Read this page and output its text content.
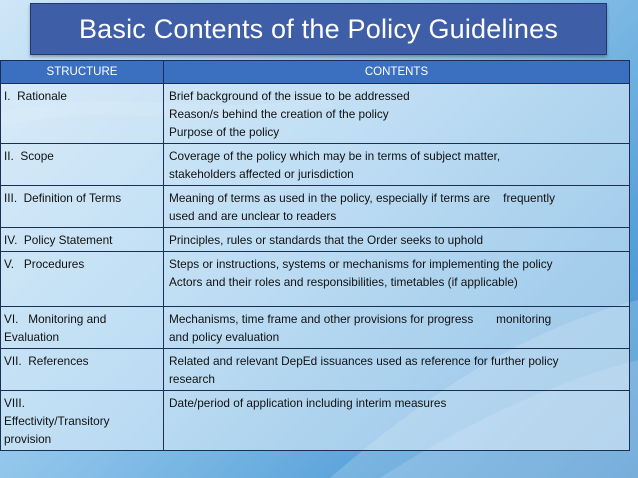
Basic Contents of the Policy Guidelines
STRUCTURE	CONTENTS

I.  Rationale	Brief background of the issue to be addressed
Reason/s behind the creation of the policy
Purpose of the policy

II.  Scope	Coverage of the policy which may be in terms of subject matter,
stakeholders affected or jurisdiction

III.  Definition of Terms	Meaning of terms as used in the policy, especially if terms are    frequently
used and are unclear to readers

IV.  Policy Statement	Principles, rules or standards that the Order seeks to uphold

V.   Procedures	Steps or instructions, systems or mechanisms for implementing the policy
Actors and their roles and responsibilities, timetables (if applicable)

VI.   Monitoring and
Evaluation	Mechanisms, time frame and other provisions for progress       monitoring
and policy evaluation

VII.  References	Related and relevant DepEd issuances used as reference for further policy
research

VIII.
Effectivity/Transitory
provision	Date/period of application including interim measures
